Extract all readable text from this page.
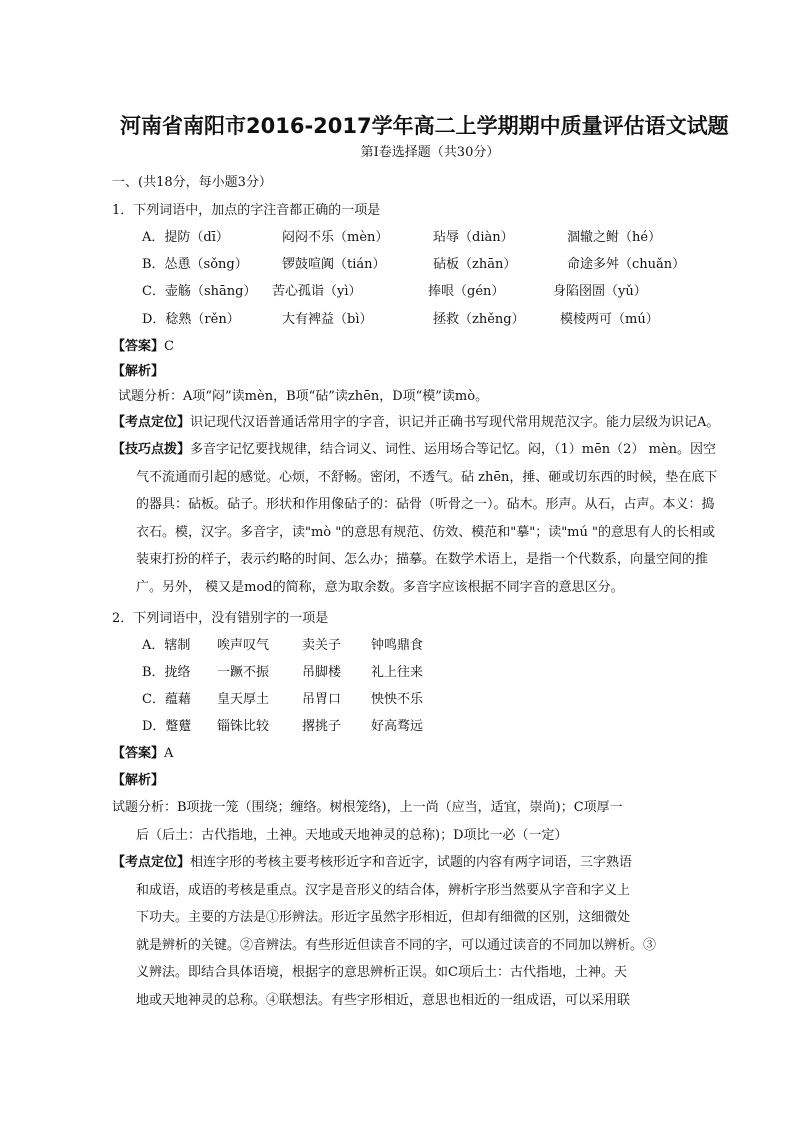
河南省南阳市2016-2017学年高二上学期期中质量评估语文试题
第Ⅰ卷选择题（共30分）
一、(共18分，每小题3分）
1．下列词语中，加点的字注音都正确的一项是
A．提防（dī）	闷闷不乐（mèn）	玷辱（diàn）	涸辙之鲋（hé）
B．怂恿（sǒng）	锣鼓喧阗（tián）	砧板（zhān）	命途多舛（chuǎn）
C．壶觞（shāng） 苦心孤诣（yì）	捧哏（gén）	身陷囹圄（yǔ）
D．稔熟（rěn）	大有裨益（bì）	拯救（zhěng）	模棱两可（mú）
【答案】C
【解析】
试题分析：A项“闷”读mèn，B项“砧”读zhēn，D项“模”读mò。
【考点定位】识记现代汉语普通话常用字的字音，识记并正确书写现代常用规范汉字。能力层级为识记A。
【技巧点拨】多音字记忆要找规律，结合词义、词性、运用场合等记忆。闷，（1）mēn（2） mèn。因空
气不流通而引起的感觉。心烦，不舒畅。密闭，不透气。砧 zhēn，捶、砸或切东西的时候，垫在底下
的器具：砧板。砧子。形状和作用像砧子的：砧骨（听骨之一）。砧木。形声。从石，占声。本义：捣
衣石。模，汉字。多音字，读"mò "的意思有规范、仿效、模范和"摹"；读"mú "的意思有人的长相或
装束打扮的样子，表示约略的时间、怎么办；描摹。在数学术语上，是指一个代数系，向量空间的推
广。另外， 模又是mod的简称，意为取余数。多音字应该根据不同字音的意思区分。
2．下列词语中，没有错别字的一项是
A．辖制 唉声叹气	卖关子 钟鸣鼎食
B．拢络 一蹶不振	吊脚楼 礼上往来
C．蕴藉 皇天厚土	吊胃口 怏怏不乐
D．蹩躠 锱铢比较	撂挑子 好高骛远
【答案】A
【解析】
试题分析：B项拢一笼（围绕；缠络。树根笼络)，上一尚（应当，适宜，崇尚)；C项厚一
后（后土：古代指地，土神。天地或天地神灵的总称)；D项比一必（一定）
【考点定位】相连字形的考核主要考核形近字和音近字，试题的内容有两字词语，三字熟语
和成语，成语的考核是重点。汉字是音形义的结合体，辨析字形当然要从字音和字义上
下功夫。主要的方法是①形辨法。形近字虽然字形相近，但却有细微的区别，这细微处
就是辨析的关键。②音辨法。有些形近但读音不同的字，可以通过读音的不同加以辨析。③
义辨法。即结合具体语境，根据字的意思辨析正误。如C项后土：古代指地，土神。天
地或天地神灵的总称。④联想法。有些字形相近，意思也相近的一组成语，可以采用联
